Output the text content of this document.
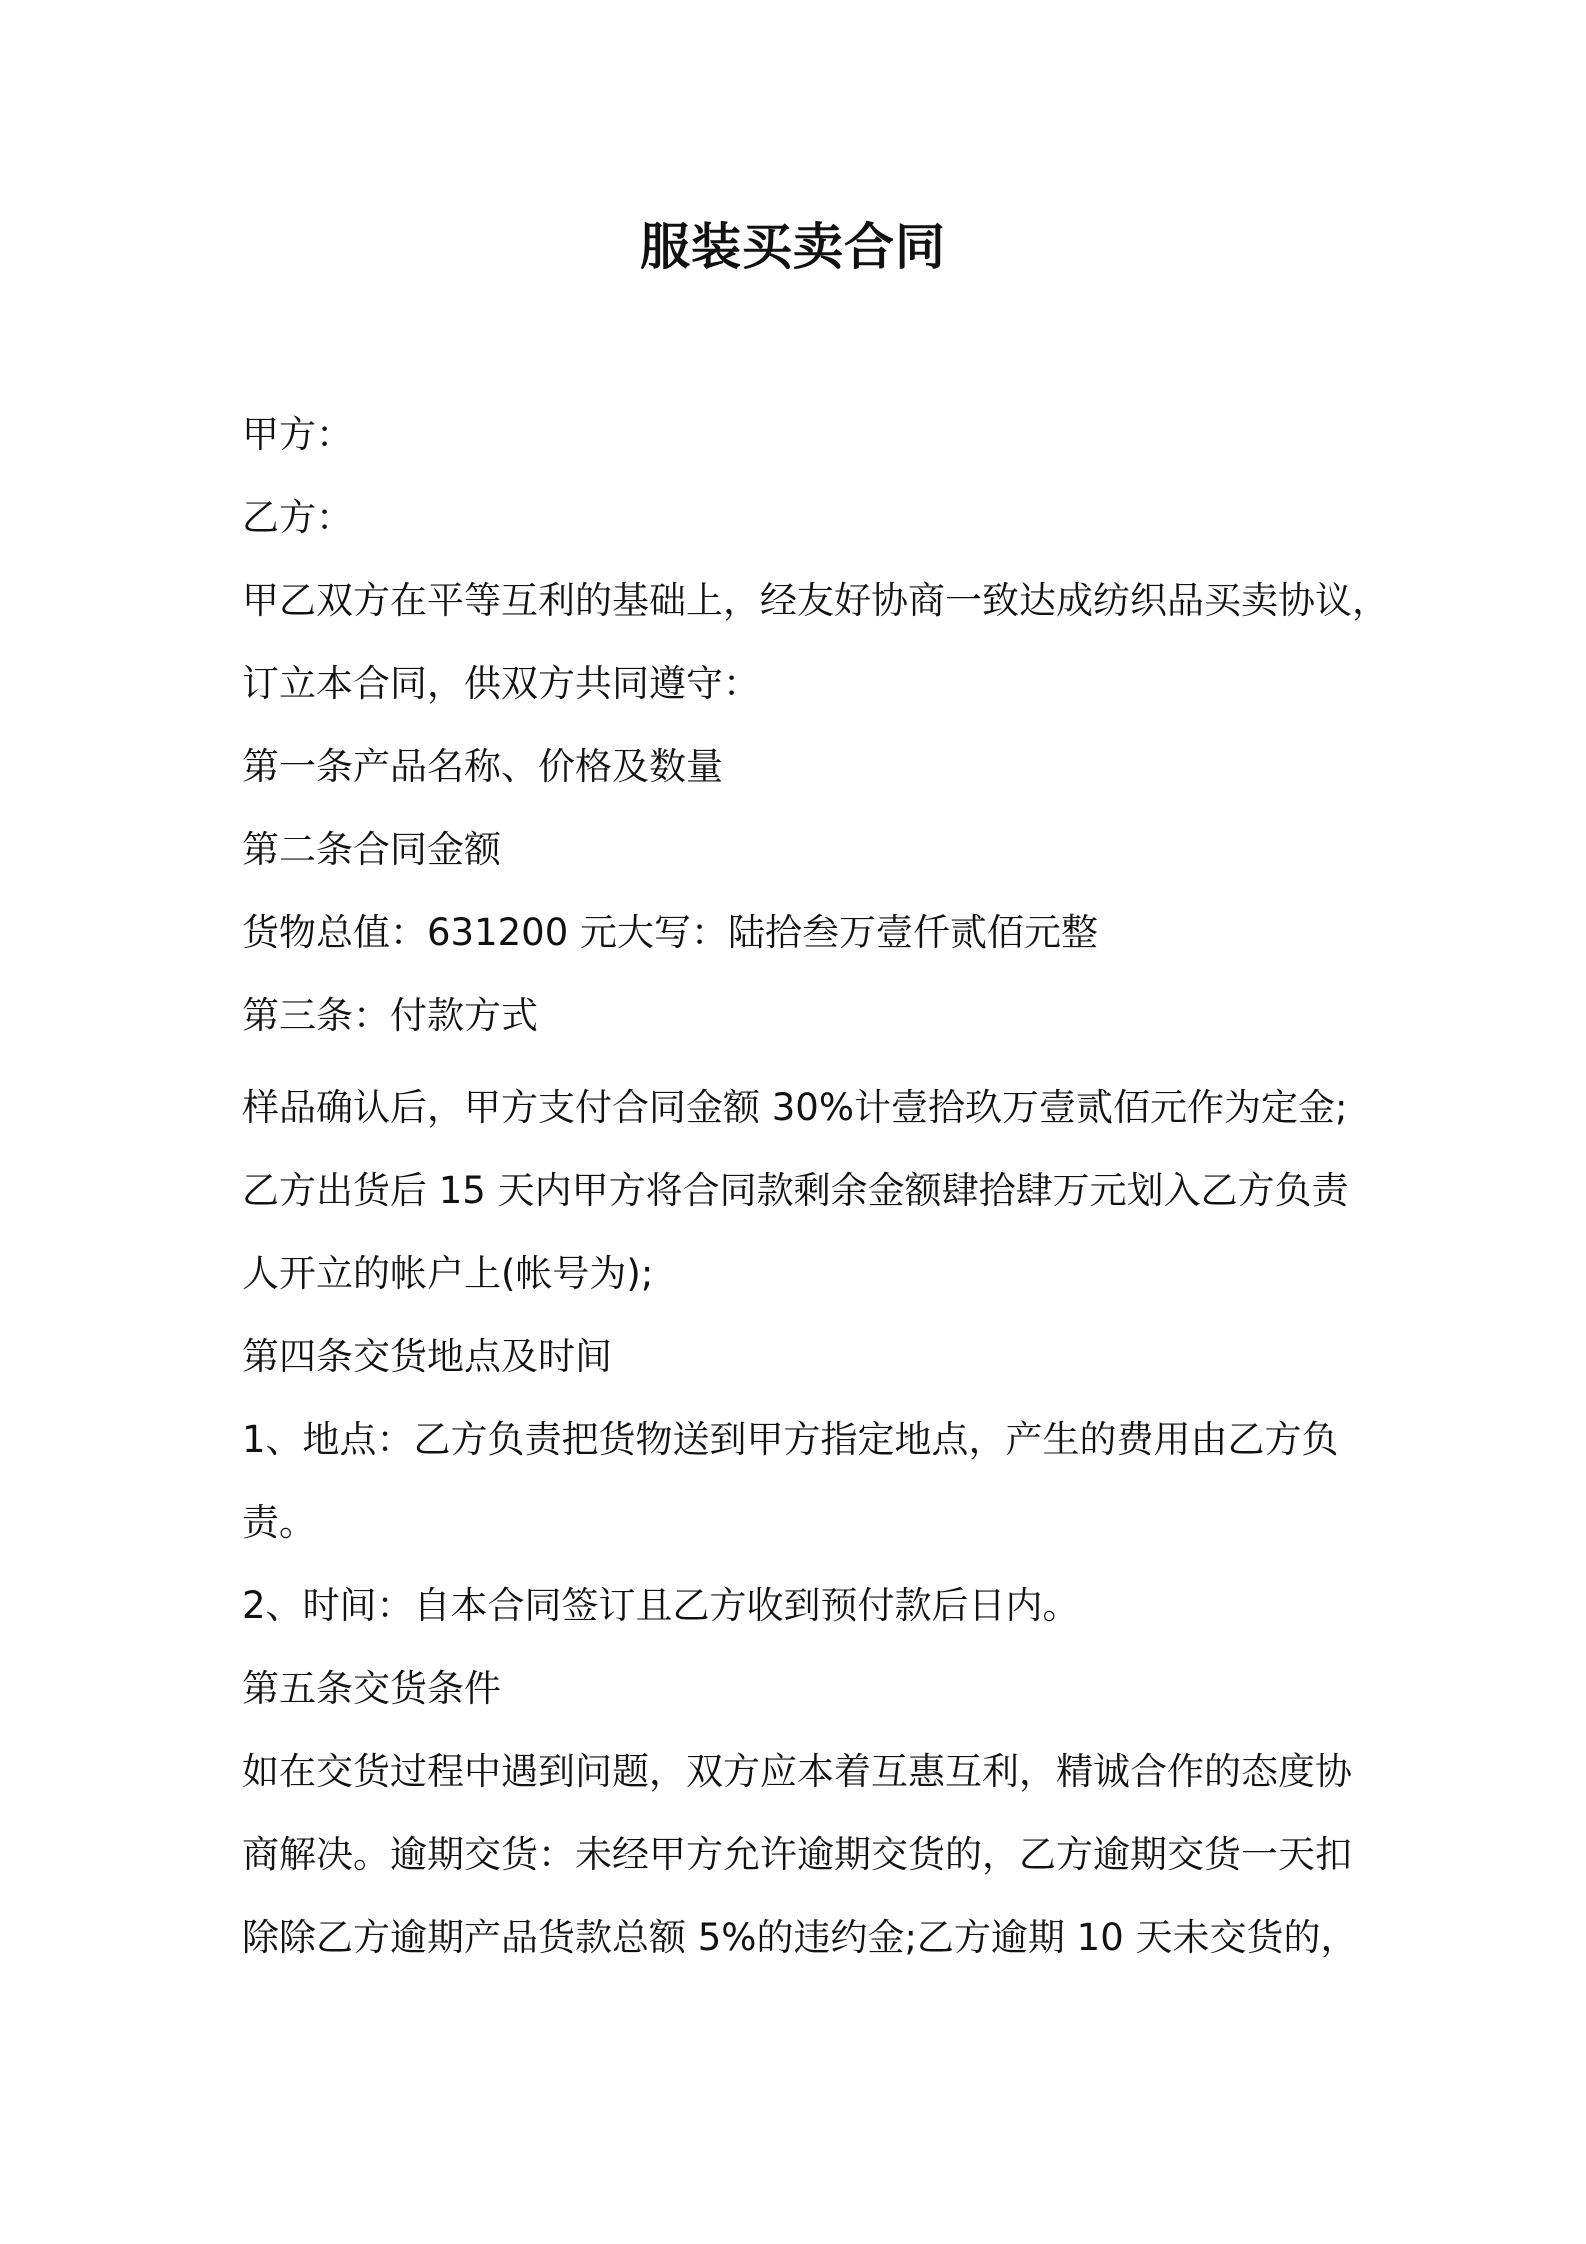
服装买卖合同

甲方：

乙方：

甲乙双方在平等互利的基础上，经友好协商一致达成纺织品买卖协议，

订立本合同，供双方共同遵守：

第一条产品名称、价格及数量

第二条合同金额

货物总值：631200 元大写：陆拾叁万壹仟贰佰元整

第三条：付款方式

样品确认后，甲方支付合同金额 30%计壹拾玖万壹贰佰元作为定金;

乙方出货后 15 天内甲方将合同款剩余金额肆拾肆万元划入乙方负责

人开立的帐户上(帐号为);

第四条交货地点及时间

1、地点：乙方负责把货物送到甲方指定地点，产生的费用由乙方负

责。

2、时间：自本合同签订且乙方收到预付款后日内。

第五条交货条件

如在交货过程中遇到问题，双方应本着互惠互利，精诚合作的态度协

商解决。逾期交货：未经甲方允许逾期交货的，乙方逾期交货一天扣

除除乙方逾期产品货款总额 5%的违约金;乙方逾期 10 天未交货的，
